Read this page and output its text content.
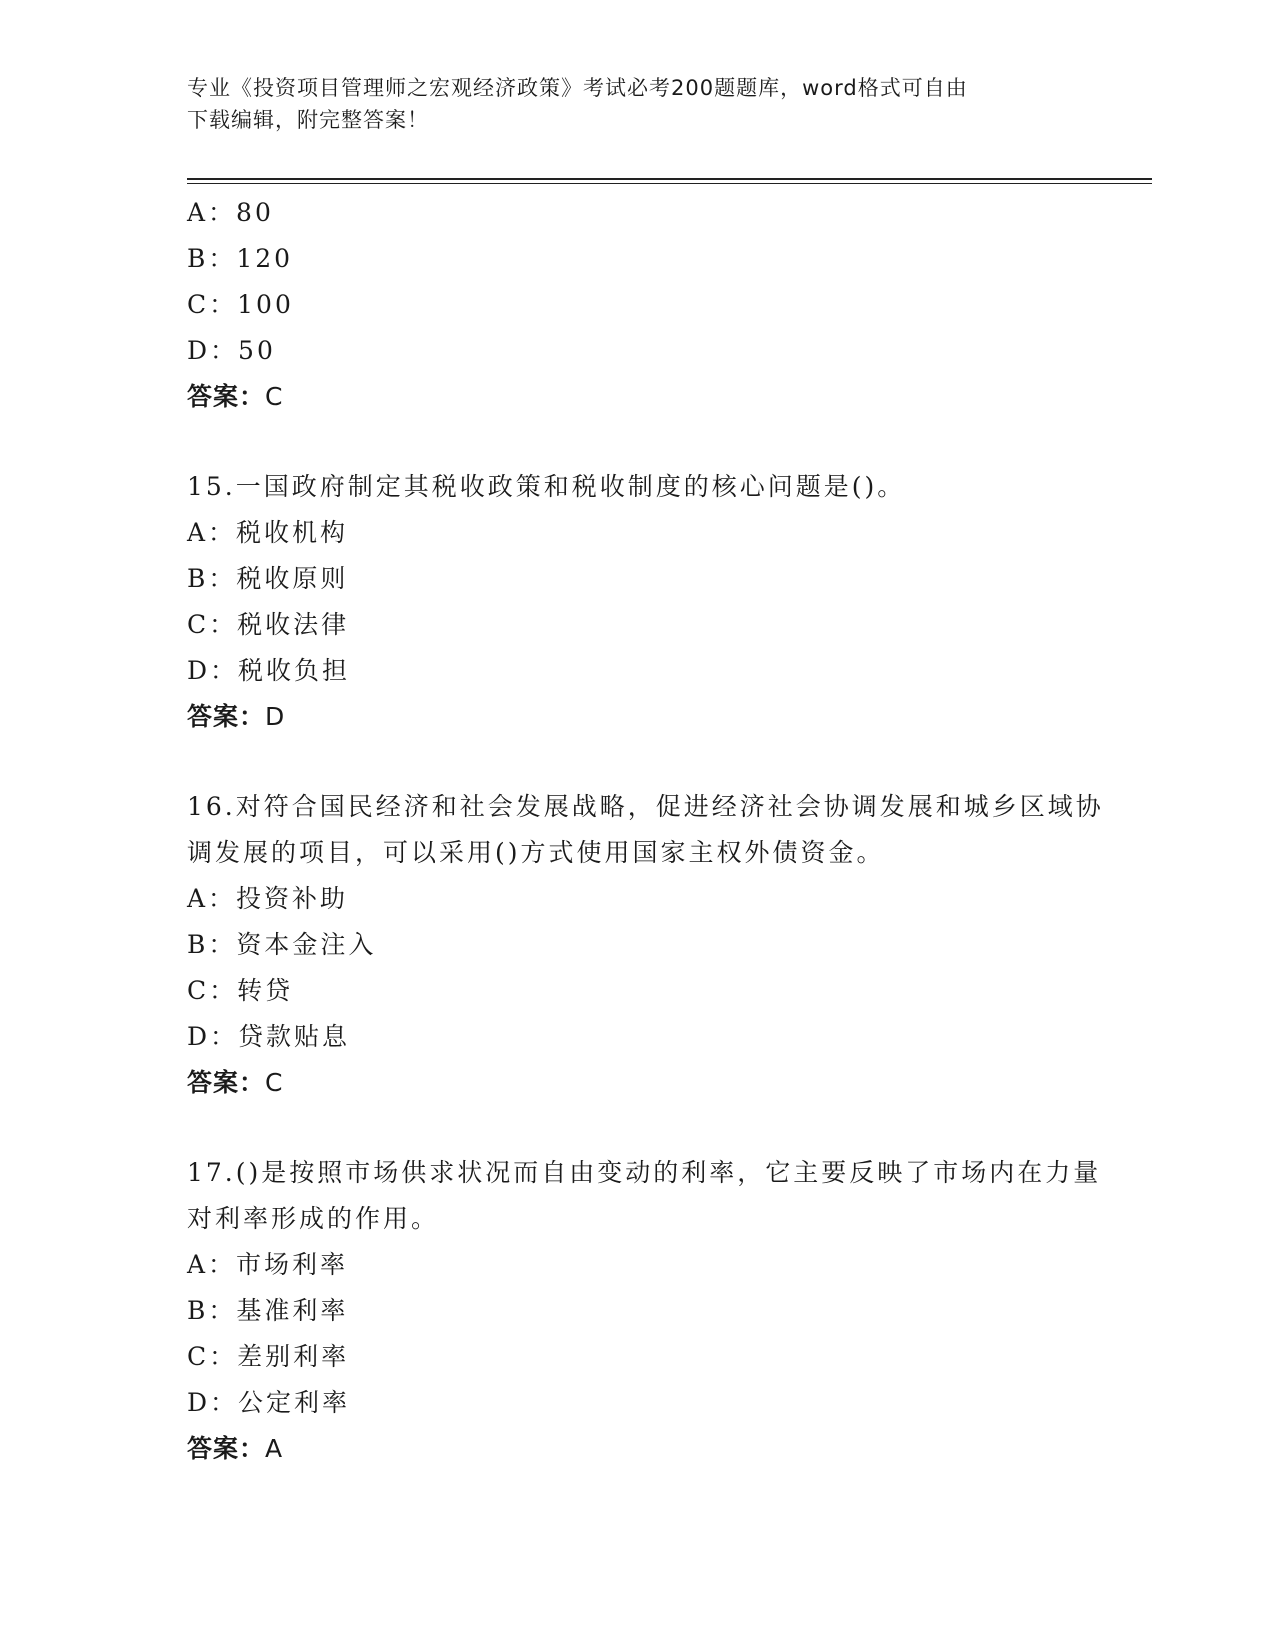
专业《投资项目管理师之宏观经济政策》考试必考200题题库，word格式可自由
下载编辑，附完整答案！
A：80
B：120
C：100
D：50
答案：C
15.一国政府制定其税收政策和税收制度的核心问题是()。
A：税收机构
B：税收原则
C：税收法律
D：税收负担
答案：D
16.对符合国民经济和社会发展战略，促进经济社会协调发展和城乡区域协调发展的项目，可以采用()方式使用国家主权外债资金。
A：投资补助
B：资本金注入
C：转贷
D：贷款贴息
答案：C
17.()是按照市场供求状况而自由变动的利率，它主要反映了市场内在力量对利率形成的作用。
A：市场利率
B：基准利率
C：差别利率
D：公定利率
答案：A
